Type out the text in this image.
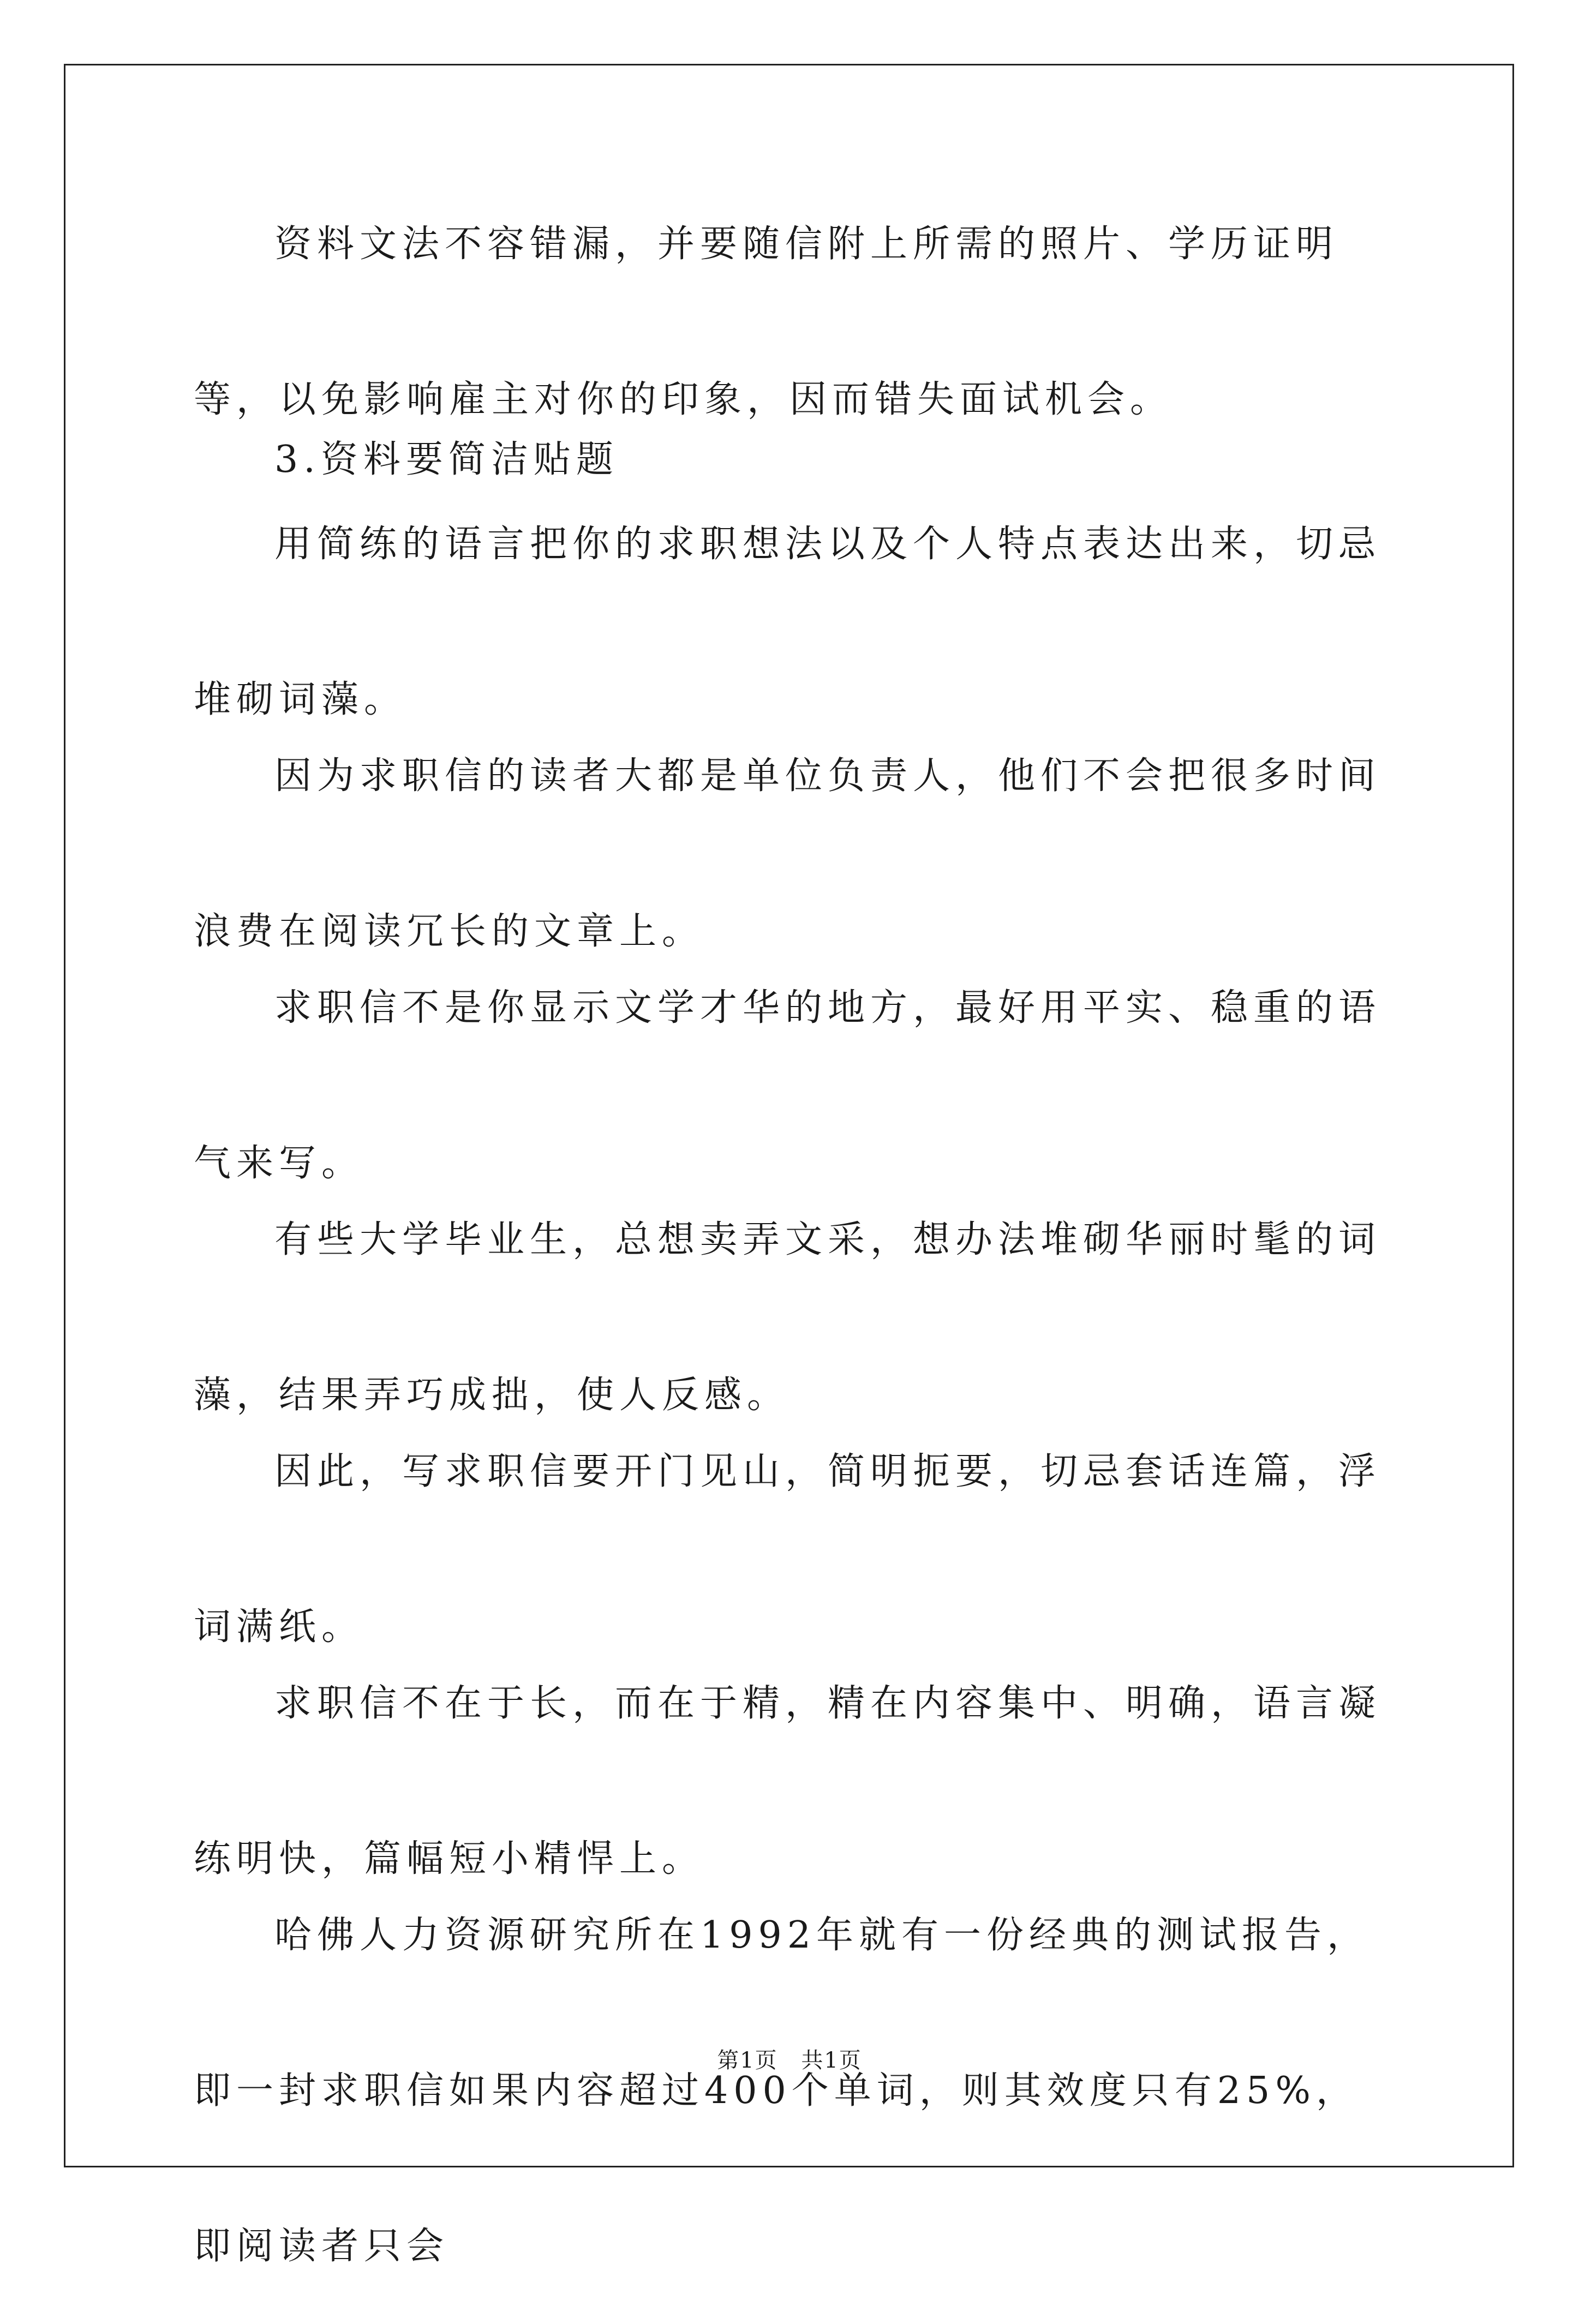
资料文法不容错漏，并要随信附上所需的照片、学历证明等，以免影响雇主对你的印象，因而错失面试机会。

3.资料要简洁贴题

用简练的语言把你的求职想法以及个人特点表达出来，切忌堆砌词藻。

因为求职信的读者大都是单位负责人，他们不会把很多时间浪费在阅读冗长的文章上。

求职信不是你显示文学才华的地方，最好用平实、稳重的语气来写。

有些大学毕业生，总想卖弄文采，想办法堆砌华丽时髦的词藻，结果弄巧成拙，使人反感。

因此，写求职信要开门见山，简明扼要，切忌套话连篇，浮词满纸。

求职信不在于长，而在于精，精在内容集中、明确，语言凝练明快，篇幅短小精悍上。

哈佛人力资源研究所在1992年就有一份经典的测试报告，即一封求职信如果内容超过400个单词，则其效度只有25%，即阅读者只会

第1页 共1页
